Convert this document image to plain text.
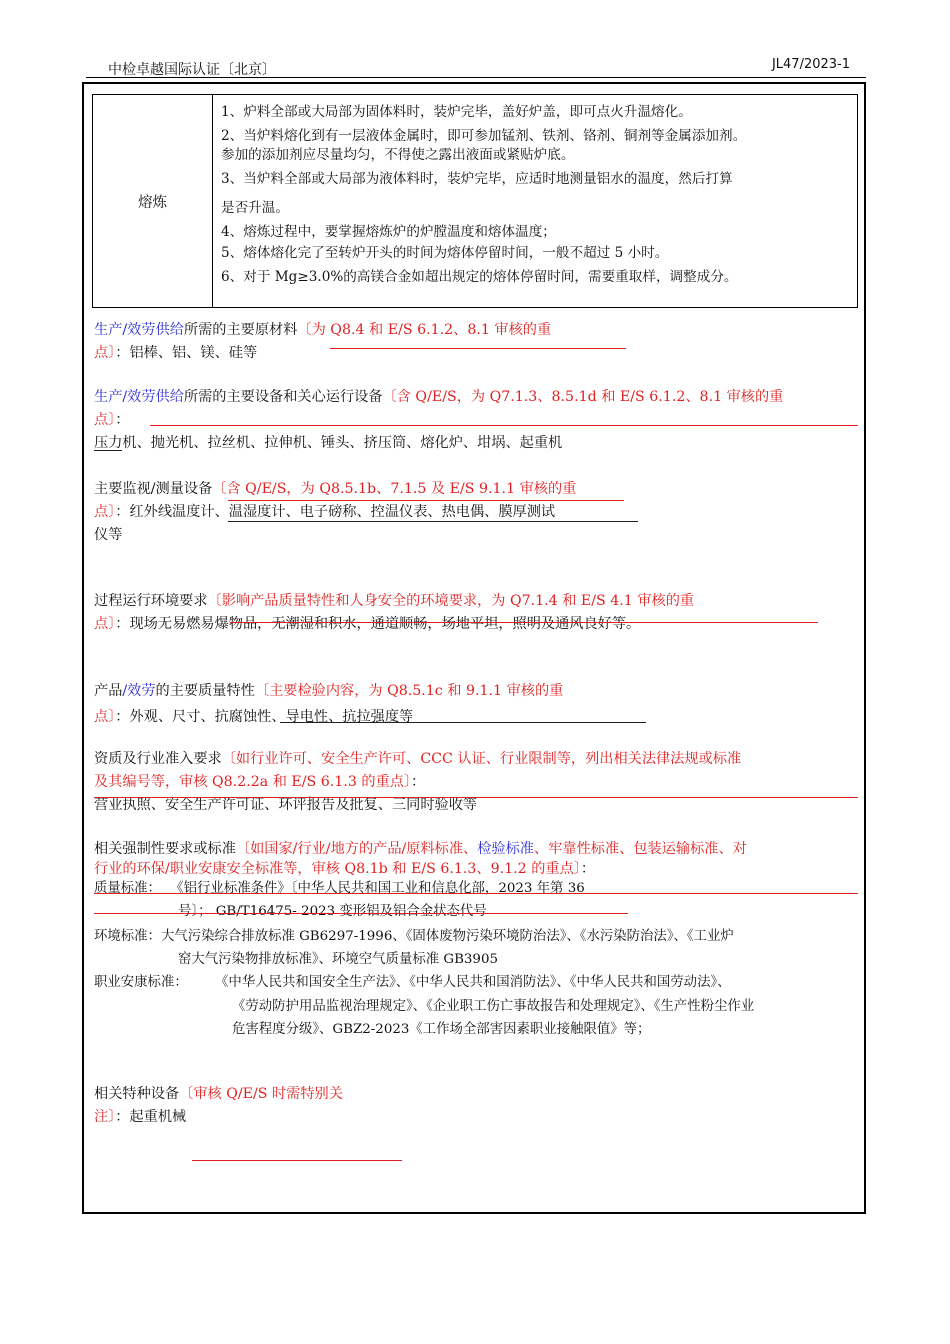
中检卓越国际认证〔北京〕	JL47/2023-1
熔炼
1、炉料全部或大局部为固体料时，装炉完毕，盖好炉盖，即可点火升温熔化。
2、当炉料熔化到有一层液体金属时，即可参加锰剂、铁剂、铬剂、铜剂等金属添加剂。
参加的添加剂应尽量均匀，不得使之露出液面或紧贴炉底。
3、当炉料全部或大局部为液体料时，装炉完毕，应适时地测量铝水的温度，然后打算
是否升温。
4、熔炼过程中，要掌握熔炼炉的炉膛温度和熔体温度；
5、熔体熔化完了至转炉开头的时间为熔体停留时间，一般不超过 5 小时。
6、对于 Mg≥3.0%的高镁合金如超出规定的熔体停留时间，需要重取样，调整成分。
生产/效劳供给所需的主要原材料〔为 Q8.4 和 E/S 6.1.2、8.1 审核的重
点〕：铝棒、铝、镁、硅等
生产/效劳供给所需的主要设备和关心运行设备〔含 Q/E/S，为 Q7.1.3、8.5.1d 和 E/S 6.1.2、8.1 审核的重
点〕：
压力机、抛光机、拉丝机、拉伸机、锤头、挤压筒、熔化炉、坩埚、起重机
主要监视/测量设备〔含 Q/E/S，为 Q8.5.1b、7.1.5 及 E/S 9.1.1 审核的重
点〕：红外线温度计、温湿度计、电子磅称、控温仪表、热电偶、膜厚测试
仪等
过程运行环境要求〔影响产品质量特性和人身安全的环境要求，为 Q7.1.4 和 E/S 4.1 审核的重
点〕：现场无易燃易爆物品，无潮湿和积水，通道顺畅，场地平坦，照明及通风良好等。
产品/效劳的主要质量特性〔主要检验内容，为 Q8.5.1c 和 9.1.1 审核的重
点〕：外观、尺寸、抗腐蚀性、导电性、抗拉强度等
资质及行业准入要求〔如行业许可、安全生产许可、CCC 认证、行业限制等，列出相关法律法规或标准
及其编号等，审核 Q8.2.2a 和 E/S 6.1.3 的重点〕：
营业执照、安全生产许可证、环评报告及批复、三同时验收等
相关强制性要求或标准〔如国家/行业/地方的产品/原料标准、检验标准、牢靠性标准、包装运输标准、对
行业的环保/职业安康安全标准等，审核 Q8.1b 和 E/S 6.1.3、9.1.2 的重点〕：
质量标准： 《铝行业标准条件》〔中华人民共和国工业和信息化部，2023 年第 36
号〕； GB/T16475- 2023 变形铝及铝合金状态代号
环境标准：大气污染综合排放标准 GB6297-1996、《固体废物污染环境防治法》、《水污染防治法》、《工业炉
窑大气污染物排放标准》、环境空气质量标准 GB3905
职业安康标准：	《中华人民共和国安全生产法》、《中华人民共和国消防法》、《中华人民共和国劳动法》、
《劳动防护用品监视治理规定》、《企业职工伤亡事故报告和处理规定》、《生产性粉尘作业
危害程度分级》、GBZ2-2023《工作场全部害因素职业接触限值》等；
相关特种设备〔审核 Q/E/S 时需特别关
注〕：起重机械
